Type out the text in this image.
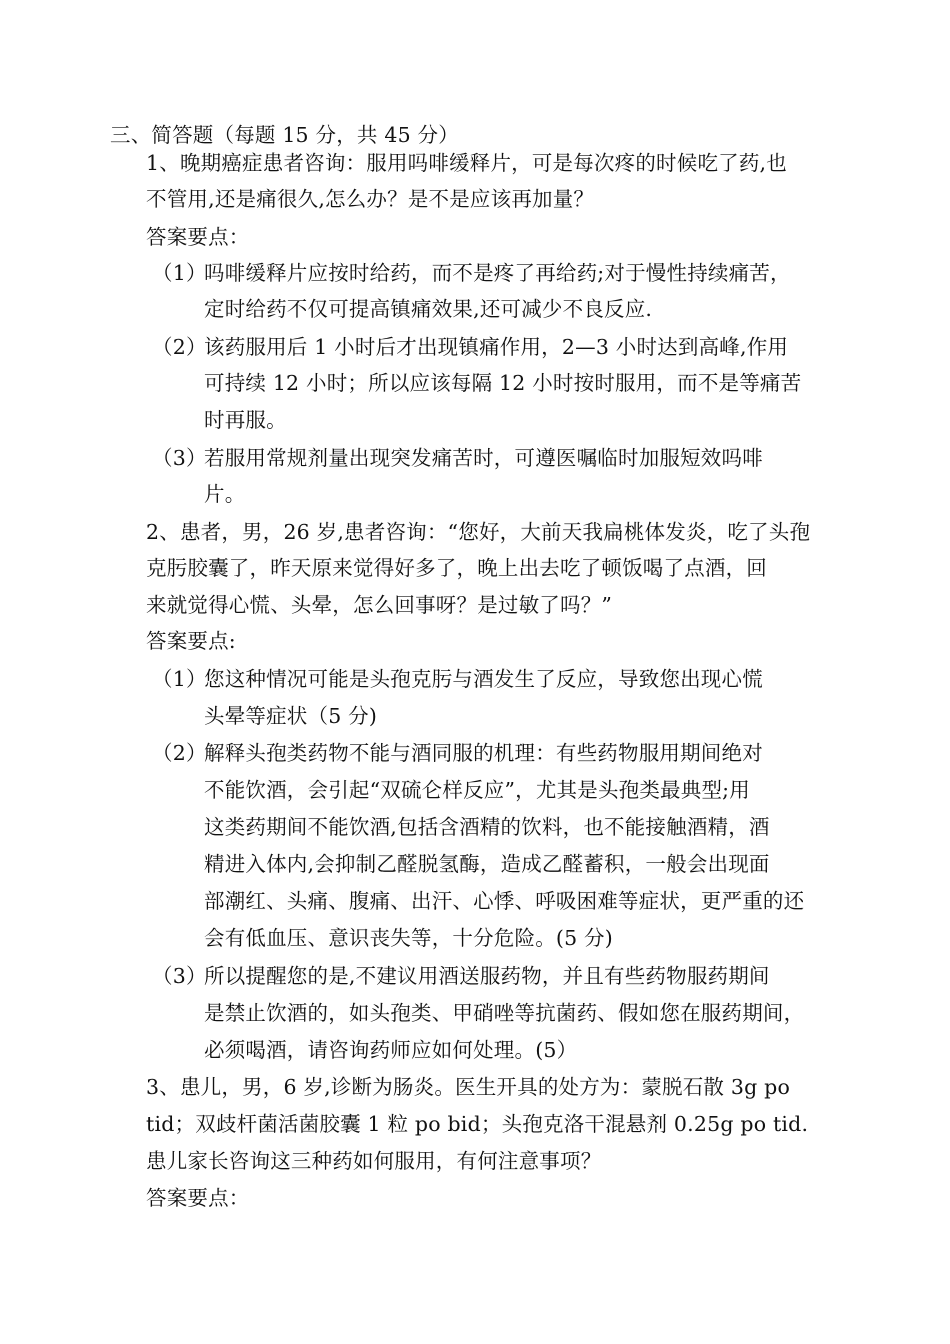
三、简答题（每题 15 分，共 45 分）
1、晚期癌症患者咨询：服用吗啡缓释片，可是每次疼的时候吃了药,也
不管用,还是痛很久,怎么办？是不是应该再加量？
答案要点：
（1）
吗啡缓释片应按时给药，而不是疼了再给药;对于慢性持续痛苦，
定时给药不仅可提高镇痛效果,还可减少不良反应.
（2）
该药服用后 1 小时后才出现镇痛作用，2—3 小时达到高峰,作用
可持续 12 小时；所以应该每隔 12 小时按时服用，而不是等痛苦
时再服。
（3）
若服用常规剂量出现突发痛苦时，可遵医嘱临时加服短效吗啡
片。
2、患者，男，26 岁,患者咨询：“您好，大前天我扁桃体发炎，吃了头孢
克肟胶囊了，昨天原来觉得好多了，晚上出去吃了顿饭喝了点酒，回
来就觉得心慌、头晕，怎么回事呀？是过敏了吗？”
答案要点:
（1）
您这种情况可能是头孢克肟与酒发生了反应，导致您出现心慌
头晕等症状（5 分)
（2）
解释头孢类药物不能与酒同服的机理：有些药物服用期间绝对
不能饮酒，会引起“双硫仑样反应”，尤其是头孢类最典型;用
这类药期间不能饮酒,包括含酒精的饮料，也不能接触酒精，酒
精进入体内,会抑制乙醛脱氢酶，造成乙醛蓄积，一般会出现面
部潮红、头痛、腹痛、出汗、心悸、呼吸困难等症状，更严重的还
会有低血压、意识丧失等，十分危险。(5 分)
（3）
所以提醒您的是,不建议用酒送服药物，并且有些药物服药期间
是禁止饮酒的，如头孢类、甲硝唑等抗菌药、假如您在服药期间，
必须喝酒，请咨询药师应如何处理。(5）
3、患儿，男，6 岁,诊断为肠炎。医生开具的处方为：蒙脱石散 3g po
tid；双歧杆菌活菌胶囊 1 粒 po bid；头孢克洛干混悬剂 0.25g po tid.
患儿家长咨询这三种药如何服用，有何注意事项？
答案要点：
